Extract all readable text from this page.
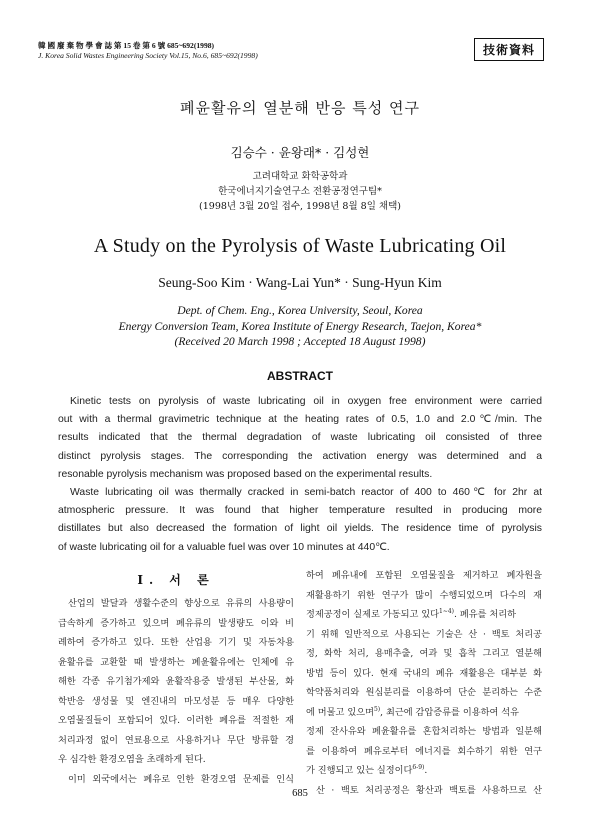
韓 國 廢 棄 物 學 會 誌 第 15 卷 第 6 號 685~692(1998)
J. Korea Solid Wastes Engineering Society Vol.15, No.6, 685~692(1998)	技術資料
폐윤활유의 열분해 반응 특성 연구
김승수 · 윤왕래* · 김성현
고려대학교 화학공학과
한국에너지기술연구소 전환공정연구팀*
(1998년 3월 20일 접수, 1998년 8월 8일 채택)
A Study on the Pyrolysis of Waste Lubricating Oil
Seung-Soo Kim · Wang-Lai Yun* · Sung-Hyun Kim
Dept. of Chem. Eng., Korea University, Seoul, Korea
Energy Conversion Team, Korea Institute of Energy Research, Taejon, Korea*
(Received 20 March 1998 ; Accepted 18 August 1998)
ABSTRACT
Kinetic tests on pyrolysis of waste lubricating oil in oxygen free environment were carried
out with a thermal gravimetric technique at the heating rates of 0.5, 1.0 and 2.0℃/min. The
results indicated that the thermal degradation of waste lubricating oil consisted of three
distinct pyrolysis stages. The corresponding the activation energy was determined and a
resonable pyrolysis mechanism was proposed based on the experimental results.
Waste lubricating oil was thermally cracked in semi-batch reactor of 400 to 460℃ for 2hr at
atmospheric pressure. It was found that higher temperature resulted in producing more
distillates but also decreased the formation of light oil yields. The residence time of pyrolysis
of waste lubricating oil for a valuable fuel was over 10 minutes at 440℃.
I. 서 론
산업의 발달과 생활수준의 향상으로 유류의 사용량이
급속하게 증가하고 있으며 폐유류의 발생량도 이와 비
례하여 증가하고 있다. 또한 산업용 기기 및 자동차용
윤활유를 교환할 때 발생하는 폐윤활유에는 인체에 유
해한 각종 유기첨가제와 윤활작용중 발생된 부산물, 화
학반응 생성물 및 엔진내의 마모성분 등 매우 다양한
오염물질들이 포함되어 있다. 이러한 폐유를 적절한 재
처리과정 없이 연료용으로 사용하거나 무단 방류할 경
우 심각한 환경오염을 초래하게 된다.
이미 외국에서는 폐유로 인한 환경오염 문제를 인식
하여 폐유내에 포함된 오염물질을 제거하고 폐자원을
재활용하기 위한 연구가 많이 수행되었으며 다수의 재
정제공정이 실제로 가동되고 있다$^{1\sim 4)}$. 폐유를 처리하
기 위해 일반적으로 사용되는 기술은 산 · 백토 처리공
정, 화학 처리, 용매추출, 여과 및 흡착 그리고 열분해
방법 등이 있다. 현재 국내의 폐유 재활용은 대부분 화
학약품처리와 원심분리를 이용하여 단순 분리하는 수준
에 머물고 있으며$^{5)}$, 최근에 감압증류를 이용하여 석유
정제 잔사유와 폐윤활유를 혼합처리하는 방법과 일분해
를 이용하여 폐유로부터 에너지를 회수하기 위한 연구
가 진행되고 있는 실정이다$^{6-9)}$.
산 · 백토 처리공정은 황산과 백토를 사용하므로 산
685
